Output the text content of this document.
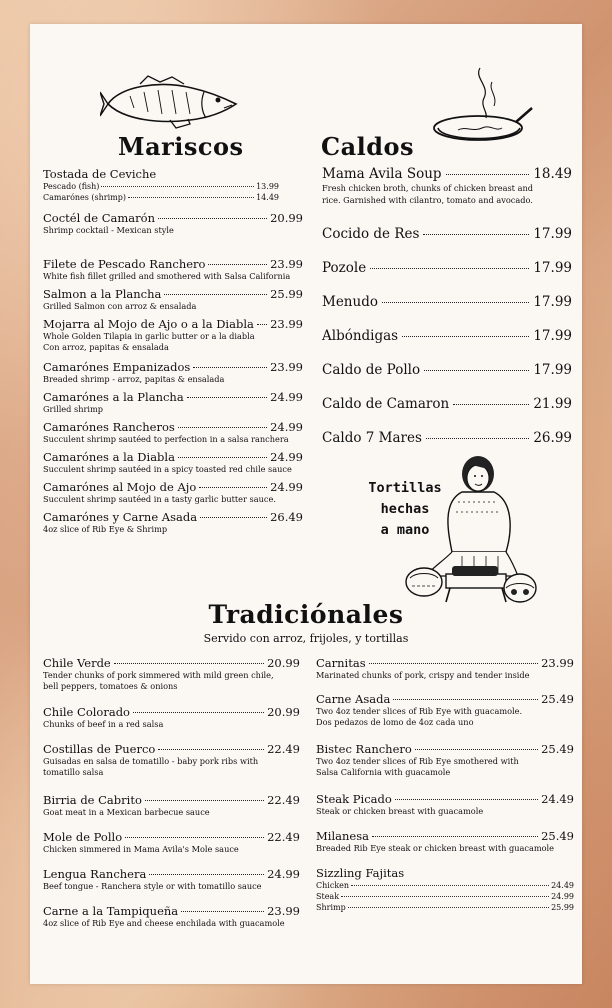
Mariscos
Tostada de Ceviche
Pescado (fish)	13.99
Camarónes (shrimp)	14.49
Coctél de Camarón	20.99
Shrimp cocktail - Mexican style
Filete de Pescado Ranchero	23.99
White fish fillet grilled and smothered with Salsa California
Salmon a la Plancha	25.99
Grilled Salmon con arroz & ensalada
Mojarra al Mojo de Ajo o a la Diabla 23.99
Whole Golden Tilapia in garlic butter or a la diabla
Con arroz, papitas & ensalada
Camarónes Empanizados	23.99
Breaded shrimp - arroz, papitas & ensalada
Camarónes a la Plancha	24.99
Grilled shrimp
Camarónes Rancheros	24.99
Succulent shrimp sautéed to perfection in a salsa ranchera
Camarónes a la Diabla	24.99
Succulent shrimp sautéed in a spicy toasted red chile sauce
Camarónes al Mojo de Ajo	24.99
Succulent shrimp sautéed in a tasty garlic butter sauce.
Camarónes y Carne Asada	26.49
4oz slice of Rib Eye & Shrimp
Caldos
Mama Avila Soup	18.49
Fresh chicken broth, chunks of chicken breast and
rice. Garnished with cilantro, tomato and avocado.
Cocido de Res	17.99
Pozole	17.99
Menudo	17.99
Albóndigas	17.99
Caldo de Pollo	17.99
Caldo de Camaron	21.99
Caldo 7 Mares	26.99
Tortillas
hechas
a mano
Tradiciónales
Servido con arroz, frijoles, y tortillas
Chile Verde	20.99
Tender chunks of pork simmered with mild green chile,
bell peppers, tomatoes & onions
Chile Colorado	20.99
Chunks of beef in a red salsa
Costillas de Puerco	22.49
Guisadas en salsa de tomatillo - baby pork ribs with
tomatillo salsa
Birria de Cabrito	22.49
Goat meat in a Mexican barbecue sauce
Mole de Pollo	22.49
Chicken simmered in Mama Avila's Mole sauce
Lengua Ranchera	24.99
Beef tongue - Ranchera style or with tomatillo sauce
Carne a la Tampiqueña	23.99
4oz slice of Rib Eye and cheese enchilada with guacamole
Carnitas	23.99
Marinated chunks of pork, crispy and tender inside
Carne Asada	25.49
Two 4oz tender slices of Rib Eye with guacamole.
Dos pedazos de lomo de 4oz cada uno
Bistec Ranchero	25.49
Two 4oz tender slices of Rib Eye smothered with
Salsa California with guacamole
Steak Picado	24.49
Steak or chicken breast with guacamole
Milanesa	25.49
Breaded Rib Eye steak or chicken breast with guacamole
Sizzling Fajitas
Chicken	24.49
Steak	24.99
Shrimp	25.99
